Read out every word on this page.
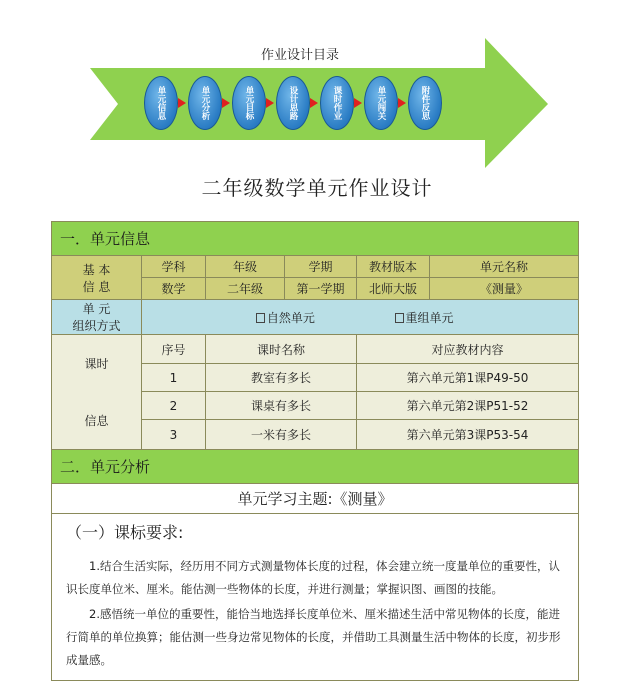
作业设计目录
单元信息	单元分析	单元目标	设计思路	课时作业	单元闯关	附件反思
二年级数学单元作业设计
一．单元信息					

基 本
信 息	学科	年级	学期	教材版本	单元名称
	数学	二年级	第一学期	北师大版	《测量》

单 元
组织方式	自然单元 重组单元				
课时	序号	课时名称		对应教材内容	
	1	教室有多长		第六单元第1课P49-50	
信息	2	课桌有多长		第六单元第2课P51-52	
	3	一米有多长		第六单元第3课P53-54	
二．单元分析					
单元学习主题:《测量》					

（一）课标要求:

1.结合生活实际，经历用不同方式测量物体长度的过程，体会建立统一度量单位的重要性，认识长度单位米、厘米。能估测一些物体的长度，并进行测量；掌握识图、画图的技能。

2.感悟统一单位的重要性，能恰当地选择长度单位米、厘米描述生活中常见物体的长度，能进行简单的单位换算；能估测一些身边常见物体的长度，并借助工具测量生活中物体的长度，初步形成量感。					
